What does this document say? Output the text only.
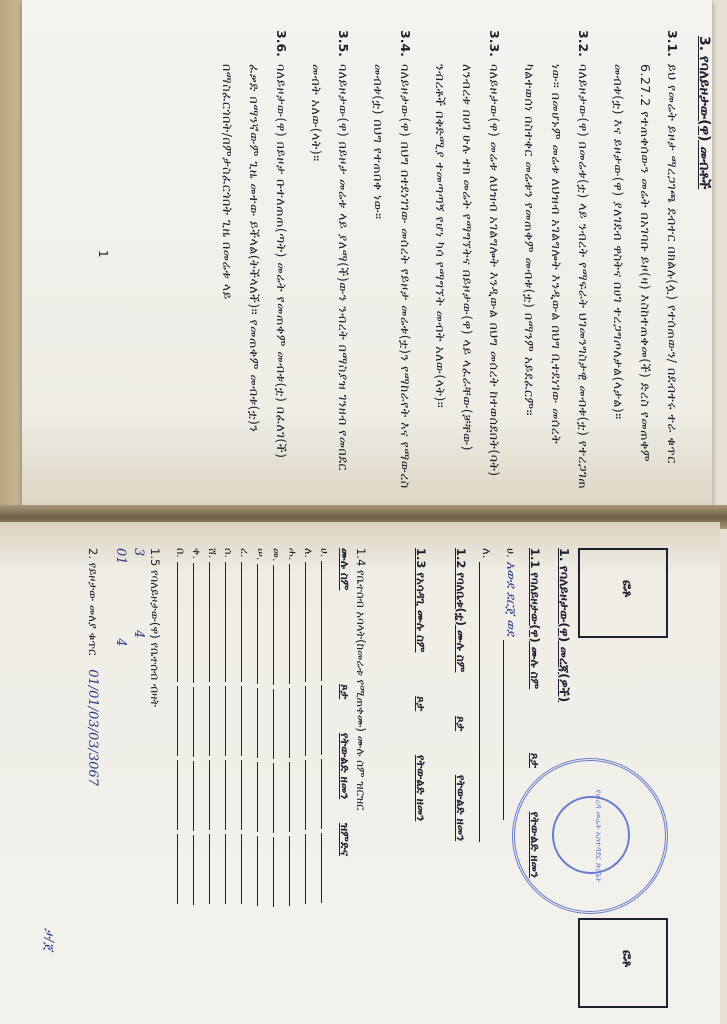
3. የባለይዞታው(ዋ) መብቶች
3.1.
ይህ የመሬት ይዞታ ማረጋገጫ ደብተር በክልሉ(ሏ) የተሰጠውን/ በደብተሩ ተራ ቁጥር 6.27.2 የተጠቀሰውን መሬት በአገባቡ ይዞ(ዛ) እስከተጠቀመ(ች) ድረስ የመጠቀም መብቱ(ቷ) እና ይዞታው(ዋ) ያለገደብ ዋስትና በሀገ ተረጋግጦለታል(ላታል)።
3.2.
ባለይዞታው(ዋ) በመሬቱ(ቷ) ላይ ንብረት የማፍራት ህገመንግስታዊ መብቱ(ቷ) የተረጋገጠ ነው። በመሆኑም መሬቱ ለህዝብ አገልግሎት እንዲውል በህግ ቢተደነገው መሰረት ካልተወሰነ በስተቀር መሬቱን የመጠቀም መብቱ(ቷ) በማንም አይደፈርም።
3.3.
ባለይዞታው(ዋ) መሬቱ ለህዝብ አገልግሎት እንዲውል በህግ መሰረት ከተወሰደበት(ባት) ለንብረቱ በሀገ ሁሉ ተክ መሬት የማግኘትና በይዞታው(ዋ) ላይ ላፈራቸው(ቻቸው) ንብረቶች በቅድሚያ ተመጣጣኝ የሆነ ካሳ የማግኘት መብት አለው(ላት)።
3.4.
ባለይዞታው(ዋ) በህግ በተደነገገው መሰረት የይዞታ መሬቱ(ቷ)ን የማከራየት እና የማውረስ መብቱ(ቷ) በህግ የተጠበቀ ነው።
3.5.
ባለይዞታው(ዋ) በይዞታ መሬቱ ላይ ያለማ(ች)ውን ንብረት በማስያዝ ገንዘብ የመበደር መብት አለው(ላት)።
3.6.
ባለይዞታው(ዋ) በይዞታ ቡተለጠጠ(ጣት) መሬት የመጠቀም መብቱ(ቷ) በፈለገ(ች) ፈቃድ በማንኛውም ጊዜ መተው ይችላል(ትችላለች)። የመጠቀም መብቱ(ቷ)ን በማስፈርጎበት/በምታስፈርጎበት ጊዜ በመሬቱ ላይ
1
ፎቶ
ፎቶ
የወረዳ መሬት አስተዳደር ጽ/ቤት
1. የባለይዞታው(ዋ) መረጃ(ዎች)
1.1 የባለይዞታው(ዋ) ሙሉ ስም ጾታ የትውልድ ዘመን
ሀ. አውደ ደርጀ ወደ
ለ.
1.2 የባለቤቱ(ቷ) ሙሉ ስም ጾታ የትውልድ ዘመን
1.3 የአሳዳጊ ሙሉ ስም ጾታ የትውልድ ዘመን
1.4 የቤተሰብ አባላት(ከመሬቱ የሚጠቀሙ) ሙሉ ስም ዝርዝር
ሙሉ ስም ጾታ የትውልድ ዘመን ዝምድና
ሀ.
ለ.
ሐ.
መ.
ሠ.
ረ.
ሰ.
ሸ.
ቀ.
በ.
1.5 የባለይዞታው(ዋ) የቤተሰብ ብዛት
3 4
01 4
2. የይዞታው መለያ ቁጥር 01/01/03/03/3067
ታ/ጀ
